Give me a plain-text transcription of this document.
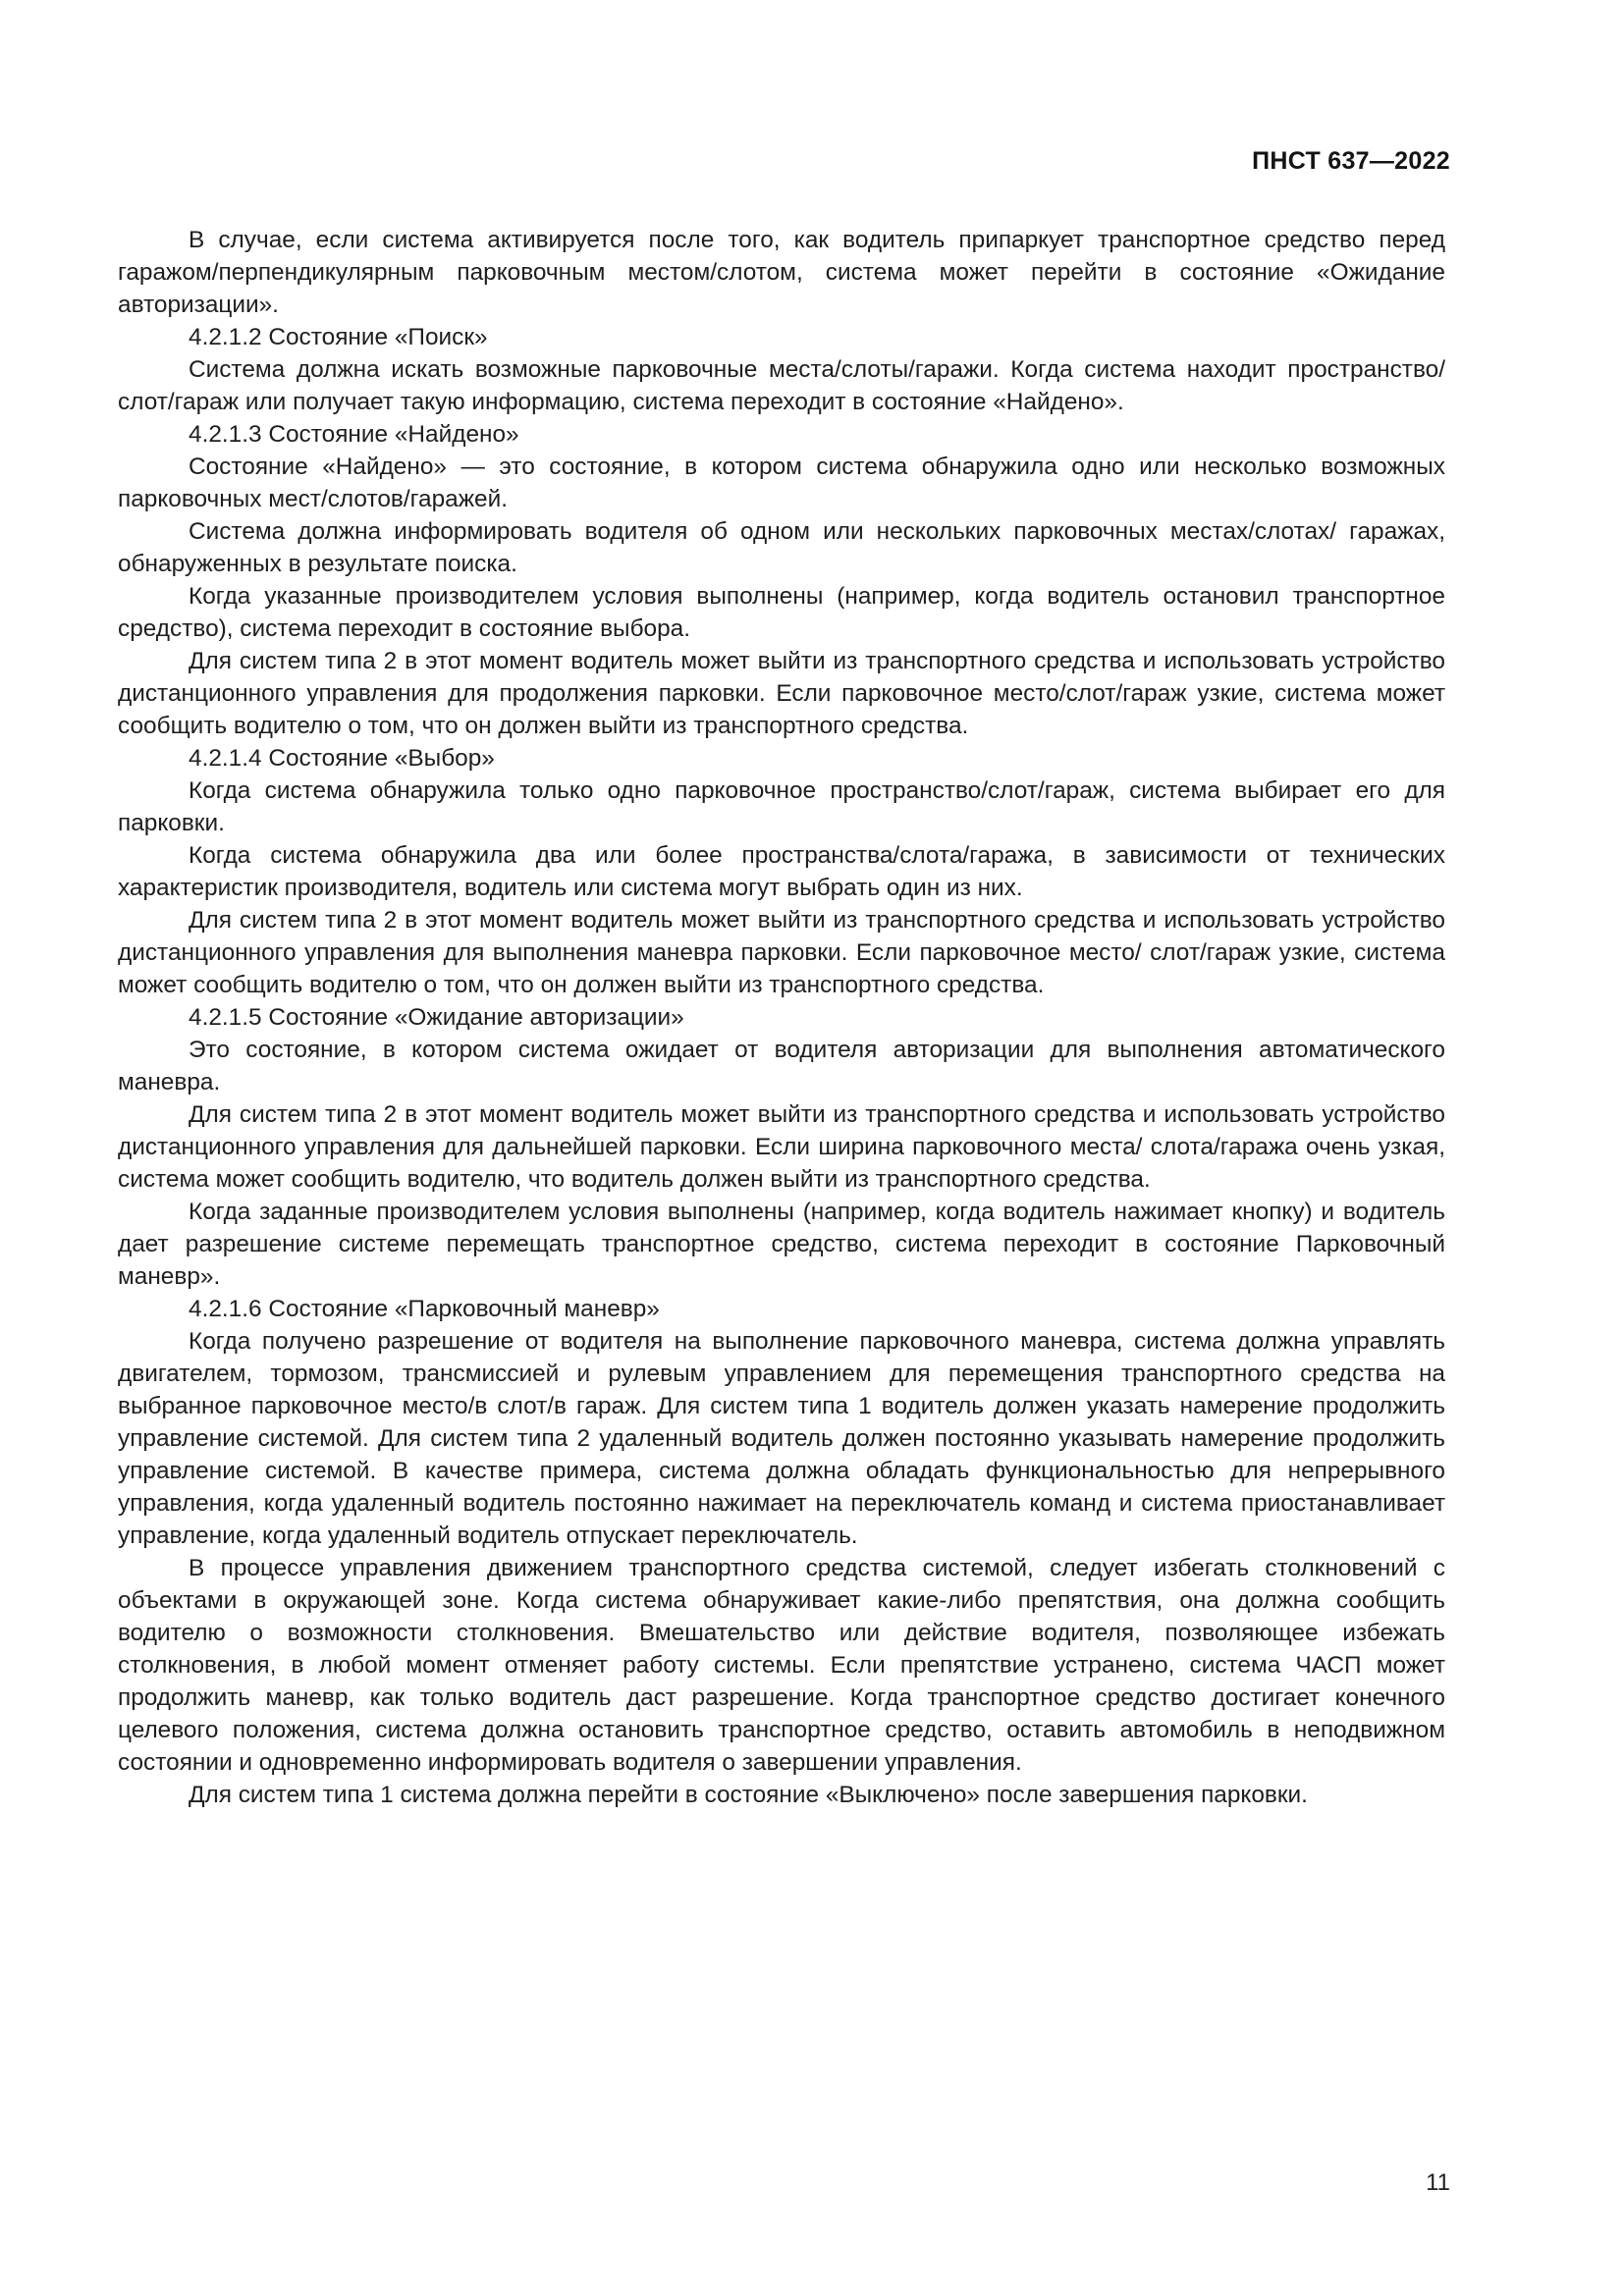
ПНСТ 637—2022

В случае, если система активируется после того, как водитель припаркует транспортное средство перед гаражом/перпендикулярным парковочным местом/слотом, система может перейти в состояние «Ожидание авторизации».

4.2.1.2 Состояние «Поиск»

Система должна искать возможные парковочные места/слоты/гаражи. Когда система находит пространство/слот/гараж или получает такую информацию, система переходит в состояние «Найдено».

4.2.1.3 Состояние «Найдено»

Состояние «Найдено» — это состояние, в котором система обнаружила одно или несколько возможных парковочных мест/слотов/гаражей.

Система должна информировать водителя об одном или нескольких парковочных местах/слотах/ гаражах, обнаруженных в результате поиска.

Когда указанные производителем условия выполнены (например, когда водитель остановил транспортное средство), система переходит в состояние выбора.

Для систем типа 2 в этот момент водитель может выйти из транспортного средства и использовать устройство дистанционного управления для продолжения парковки. Если парковочное место/слот/гараж узкие, система может сообщить водителю о том, что он должен выйти из транспортного средства.

4.2.1.4 Состояние «Выбор»

Когда система обнаружила только одно парковочное пространство/слот/гараж, система выбирает его для парковки.

Когда система обнаружила два или более пространства/слота/гаража, в зависимости от технических характеристик производителя, водитель или система могут выбрать один из них.

Для систем типа 2 в этот момент водитель может выйти из транспортного средства и использовать устройство дистанционного управления для выполнения маневра парковки. Если парковочное место/ слот/гараж узкие, система может сообщить водителю о том, что он должен выйти из транспортного средства.

4.2.1.5 Состояние «Ожидание авторизации»

Это состояние, в котором система ожидает от водителя авторизации для выполнения автоматического маневра.

Для систем типа 2 в этот момент водитель может выйти из транспортного средства и использовать устройство дистанционного управления для дальнейшей парковки. Если ширина парковочного места/ слота/гаража очень узкая, система может сообщить водителю, что водитель должен выйти из транспортного средства.

Когда заданные производителем условия выполнены (например, когда водитель нажимает кнопку) и водитель дает разрешение системе перемещать транспортное средство, система переходит в состояние Парковочный маневр».

4.2.1.6 Состояние «Парковочный маневр»

Когда получено разрешение от водителя на выполнение парковочного маневра, система должна управлять двигателем, тормозом, трансмиссией и рулевым управлением для перемещения транспортного средства на выбранное парковочное место/в слот/в гараж. Для систем типа 1 водитель должен указать намерение продолжить управление системой. Для систем типа 2 удаленный водитель должен постоянно указывать намерение продолжить управление системой. В качестве примера, система должна обладать функциональностью для непрерывного управления, когда удаленный водитель постоянно нажимает на переключатель команд и система приостанавливает управление, когда удаленный водитель отпускает переключатель.

В процессе управления движением транспортного средства системой, следует избегать столкновений с объектами в окружающей зоне. Когда система обнаруживает какие-либо препятствия, она должна сообщить водителю о возможности столкновения. Вмешательство или действие водителя, позволяющее избежать столкновения, в любой момент отменяет работу системы. Если препятствие устранено, система ЧАСП может продолжить маневр, как только водитель даст разрешение. Когда транспортное средство достигает конечного целевого положения, система должна остановить транспортное средство, оставить автомобиль в неподвижном состоянии и одновременно информировать водителя о завершении управления.

Для систем типа 1 система должна перейти в состояние «Выключено» после завершения парковки.

11
